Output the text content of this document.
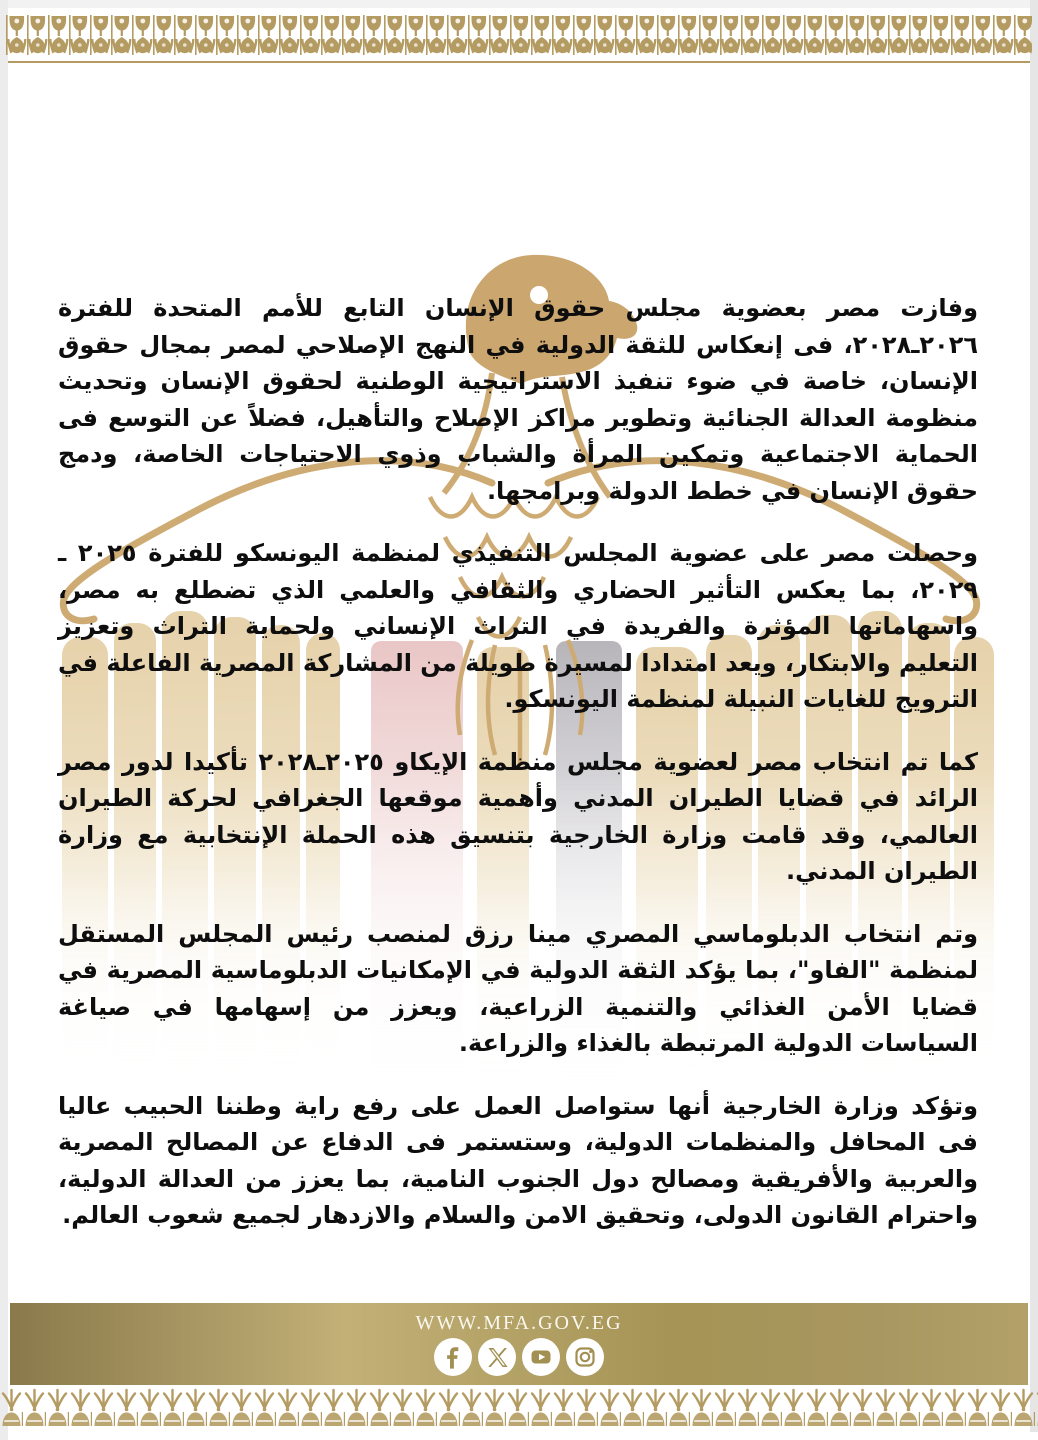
وفازت مصر بعضوية مجلس حقوق الإنسان التابع للأمم المتحدة للفترة ٢٠٢٦ـ٢٠٢٨، فى إنعكاس للثقة الدولية في النهج الإصلاحي لمصر بمجال حقوق الإنسان، خاصة في ضوء تنفيذ الاستراتيجية الوطنية لحقوق الإنسان وتحديث منظومة العدالة الجنائية وتطوير مراكز الإصلاح والتأهيل، فضلاً عن التوسع فى الحماية الاجتماعية وتمكين المرأة والشباب وذوي الاحتياجات الخاصة، ودمج حقوق الإنسان في خطط الدولة وبرامجها.

وحصلت مصر على عضوية المجلس التنفيذي لمنظمة اليونسكو للفترة ٢٠٢٥ ـ ٢٠٢٩، بما يعكس التأثير الحضاري والثقافي والعلمي الذي تضطلع به مصر، واسهاماتها المؤثرة والفريدة في التراث الإنساني ولحماية التراث وتعزيز التعليم والابتكار، ويعد امتدادا لمسيرة طويلة من المشاركة المصرية الفاعلة في الترويج للغايات النبيلة لمنظمة اليونسكو.

كما تم انتخاب مصر لعضوية مجلس منظمة الإيكاو ٢٠٢٥ـ٢٠٢٨ تأكيدا لدور مصر الرائد في قضايا الطيران المدني وأهمية موقعها الجغرافي لحركة الطيران العالمي، وقد قامت وزارة الخارجية بتنسيق هذه الحملة الإنتخابية مع وزارة الطيران المدني.

وتم انتخاب الدبلوماسي المصري مينا رزق لمنصب رئيس المجلس المستقل لمنظمة "الفاو"، بما يؤكد الثقة الدولية في الإمكانيات الدبلوماسية المصرية في قضايا الأمن الغذائي والتنمية الزراعية، ويعزز من إسهامها في صياغة السياسات الدولية المرتبطة بالغذاء والزراعة.

وتؤكد وزارة الخارجية أنها ستواصل العمل على رفع راية وطننا الحبيب عاليا فى المحافل والمنظمات الدولية، وستستمر فى الدفاع عن المصالح المصرية والعربية والأفريقية ومصالح دول الجنوب النامية، بما يعزز من العدالة الدولية، واحترام القانون الدولى، وتحقيق الامن والسلام والازدهار لجميع شعوب العالم.

WWW.MFA.GOV.EG
